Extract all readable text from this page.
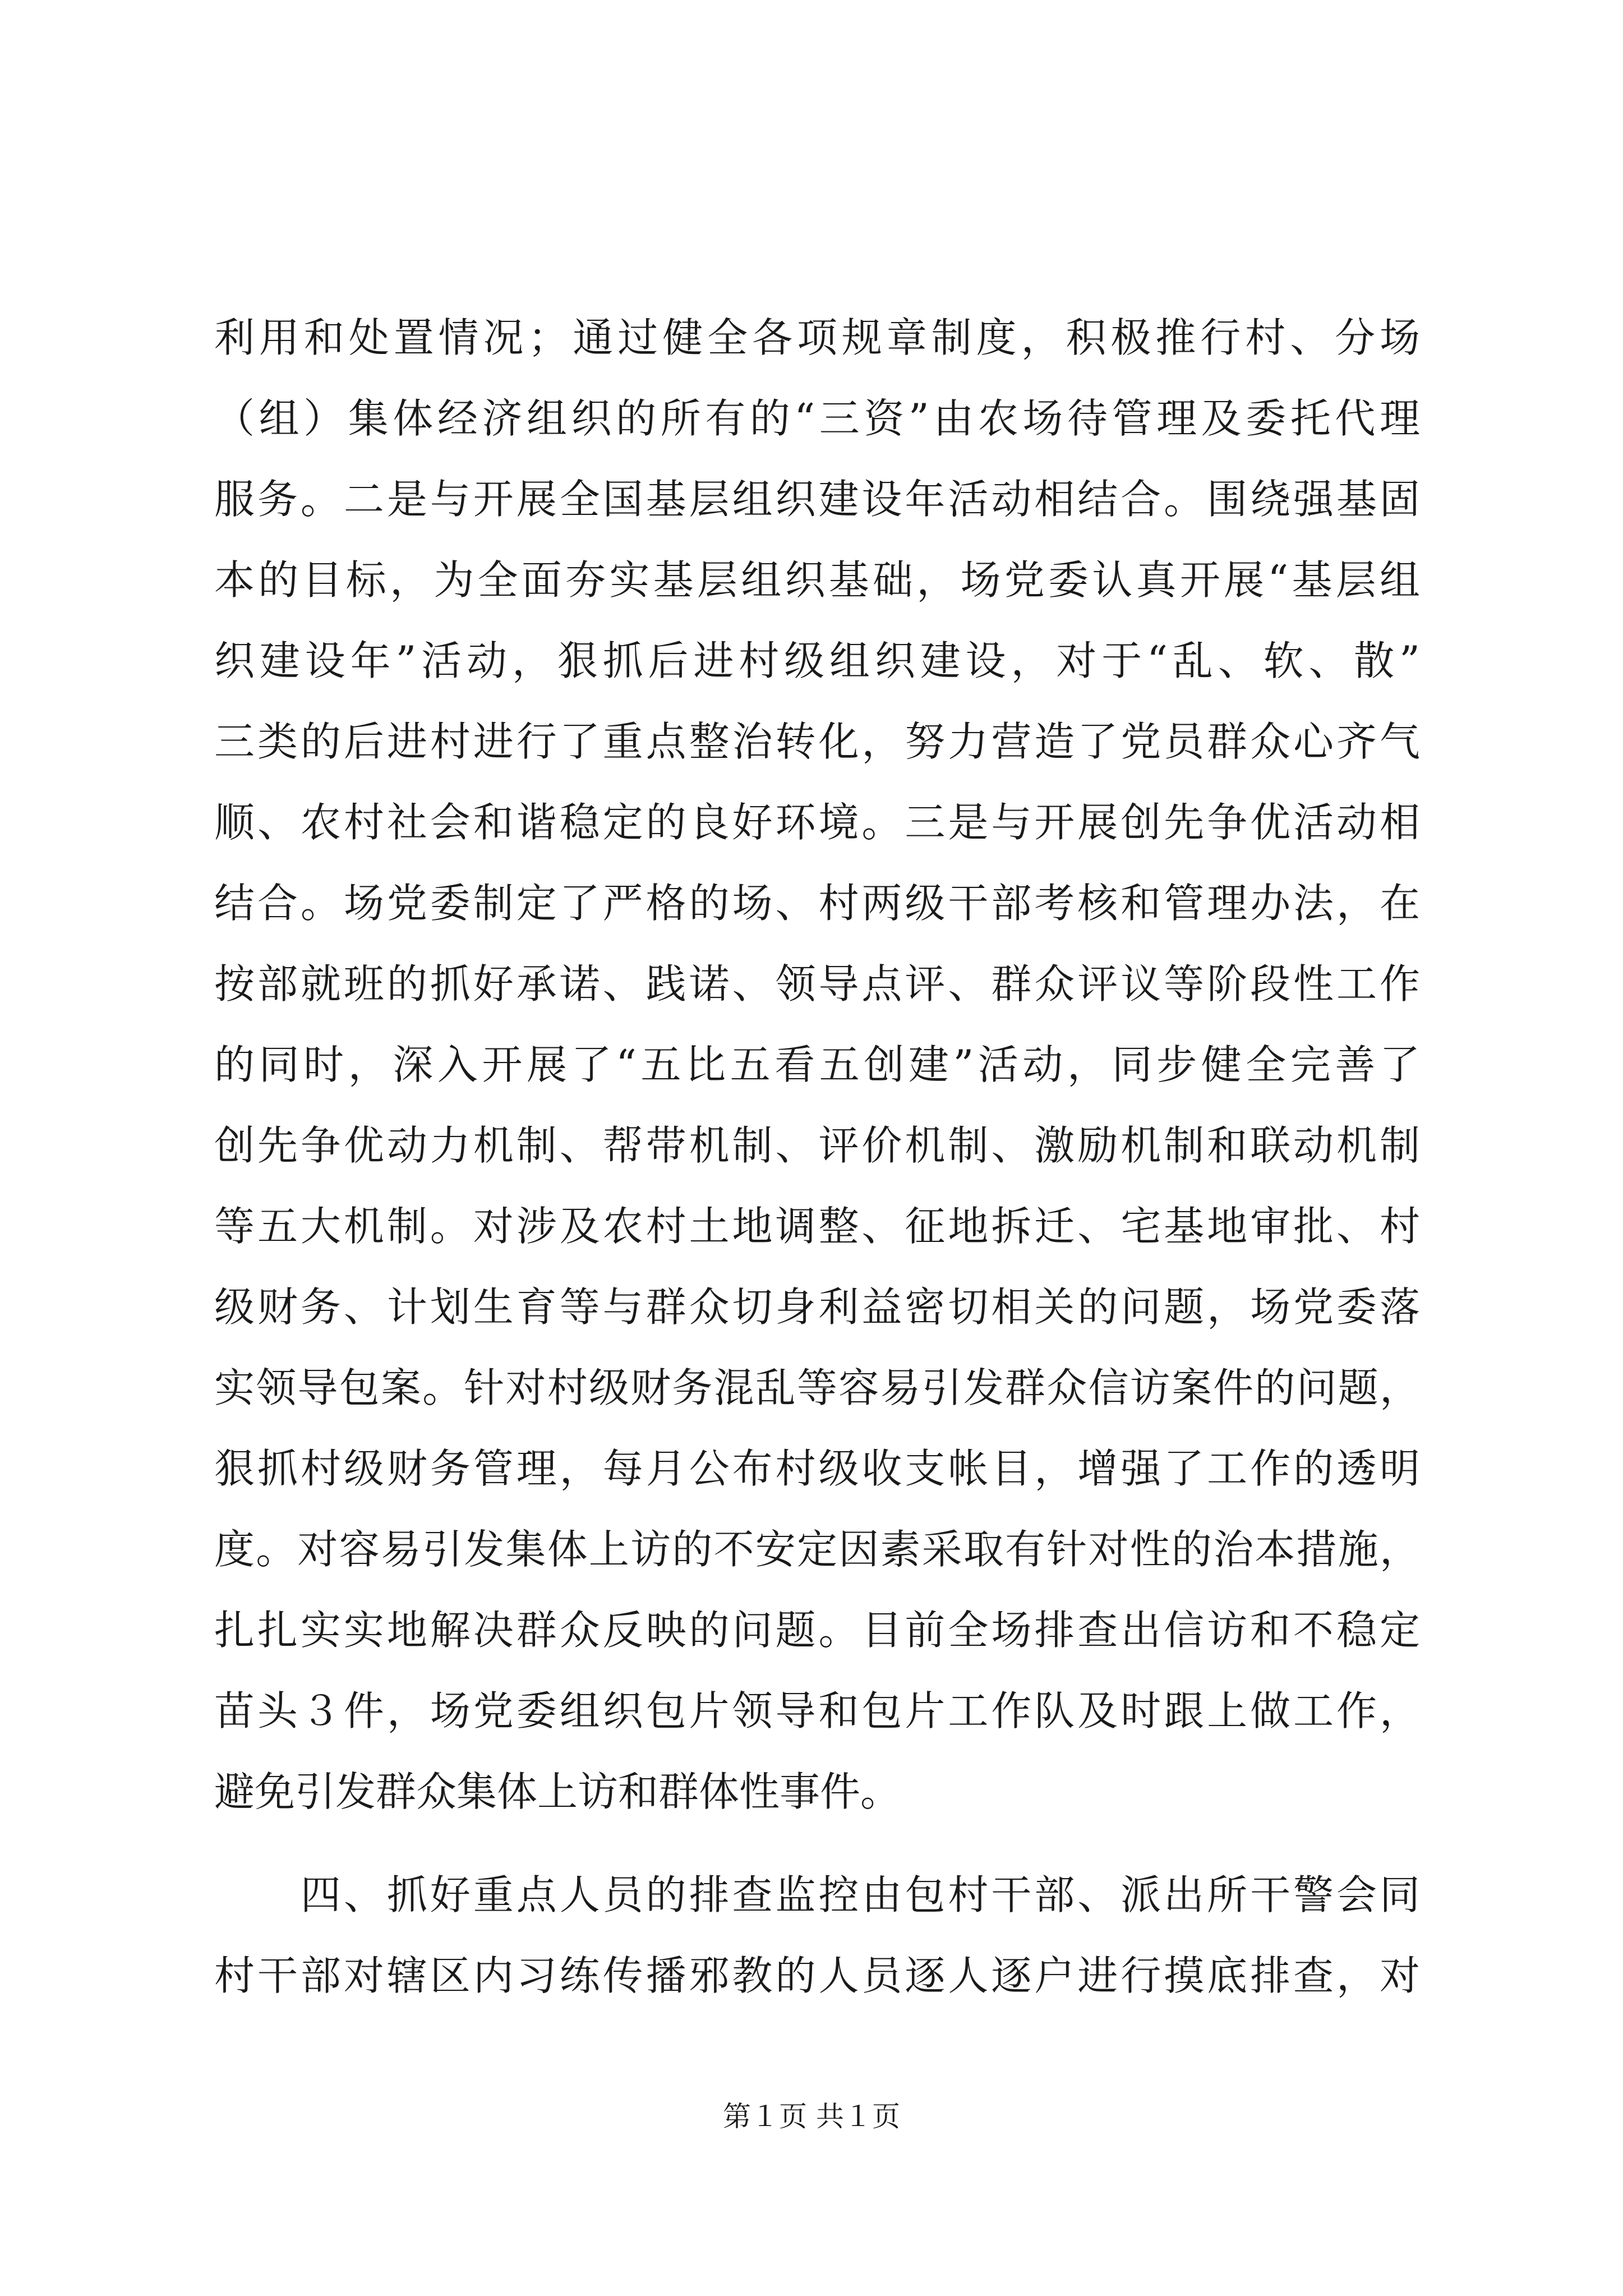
利用和处置情况；通过健全各项规章制度，积极推行村、分场
（组）集体经济组织的所有的“三资”由农场待管理及委托代理
服务。二是与开展全国基层组织建设年活动相结合。围绕强基固
本的目标，为全面夯实基层组织基础，场党委认真开展“基层组
织建设年”活动，狠抓后进村级组织建设，对于“乱、软、散”
三类的后进村进行了重点整治转化，努力营造了党员群众心齐气
顺、农村社会和谐稳定的良好环境。三是与开展创先争优活动相
结合。场党委制定了严格的场、村两级干部考核和管理办法，在
按部就班的抓好承诺、践诺、领导点评、群众评议等阶段性工作
的同时，深入开展了“五比五看五创建”活动，同步健全完善了
创先争优动力机制、帮带机制、评价机制、激励机制和联动机制
等五大机制。对涉及农村土地调整、征地拆迁、宅基地审批、村
级财务、计划生育等与群众切身利益密切相关的问题，场党委落
实领导包案。针对村级财务混乱等容易引发群众信访案件的问题，
狠抓村级财务管理，每月公布村级收支帐目，增强了工作的透明
度。对容易引发集体上访的不安定因素采取有针对性的治本措施，
扎扎实实地解决群众反映的问题。目前全场排查出信访和不稳定
苗头３件，场党委组织包片领导和包片工作队及时跟上做工作，
避免引发群众集体上访和群体性事件。
　　四、抓好重点人员的排查监控由包村干部、派出所干警会同
村干部对辖区内习练传播邪教的人员逐人逐户进行摸底排查，对
第１页 共１页
